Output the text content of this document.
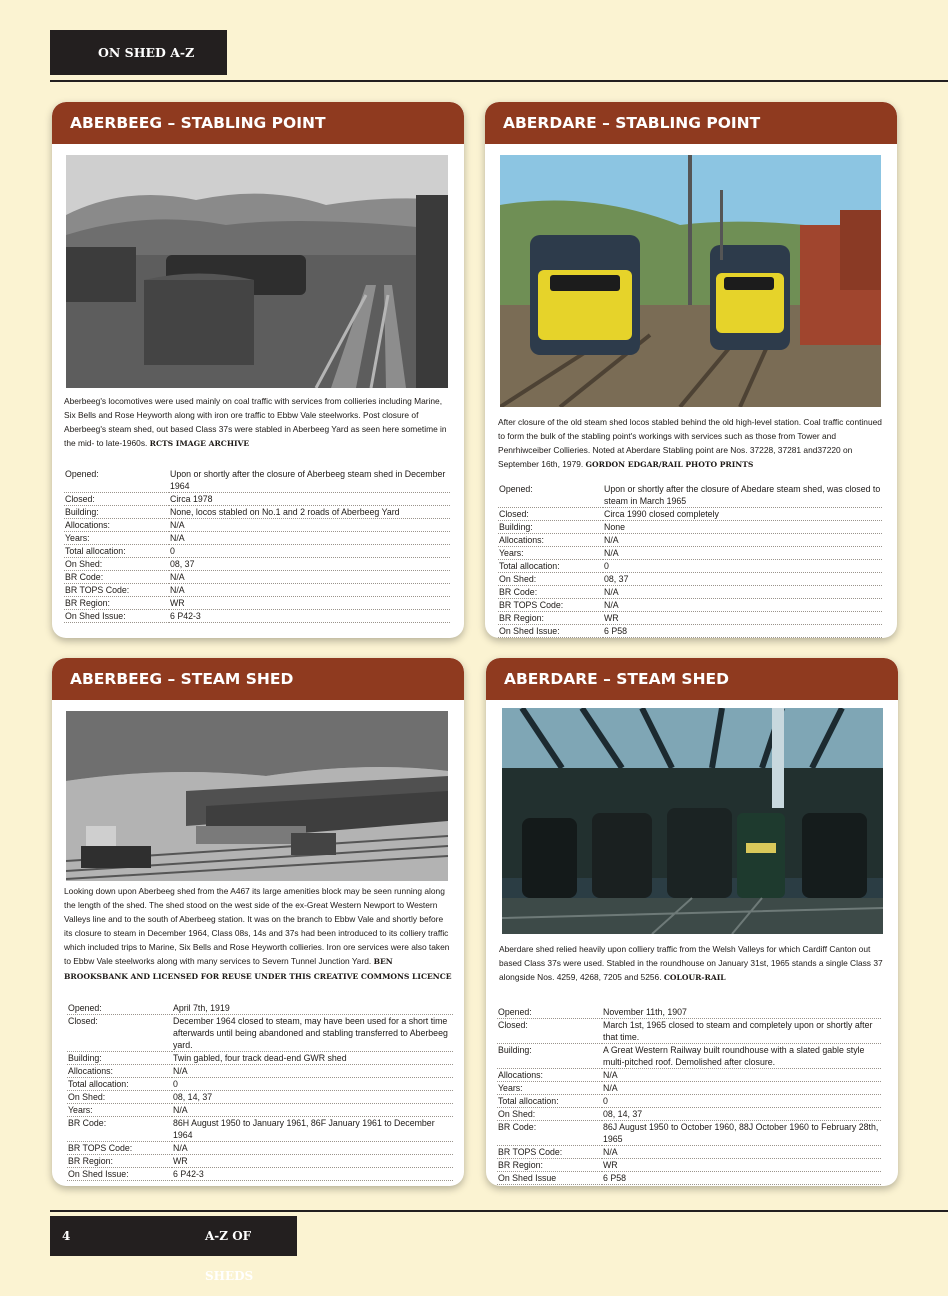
ON SHED A-Z
ABERBEEG – STABLING POINT
Aberbeeg's locomotives were used mainly on coal traffic with services from collieries including Marine, Six Bells and Rose Heyworth along with iron ore traffic to Ebbw Vale steelworks. Post closure of Aberbeeg's steam shed, out based Class 37s were stabled in Aberbeeg Yard as seen here sometime in the mid- to late-1960s. RCTS IMAGE ARCHIVE
Opened:	Upon or shortly after the closure of Aberbeeg steam shed in December 1964
Closed:	Circa 1978
Building:	None, locos stabled on No.1 and 2 roads of Aberbeeg Yard
Allocations:	N/A
Years:	N/A
Total allocation:	0
On Shed:	08, 37
BR Code:	N/A
BR TOPS Code:	N/A
BR Region:	WR
On Shed Issue:	6 P42-3
ABERDARE – STABLING POINT
After closure of the old steam shed locos stabled behind the old high-level station. Coal traffic continued to form the bulk of the stabling point's workings with services such as those from Tower and Penrhiwceiber Collieries. Noted at Aberdare Stabling point are Nos. 37228, 37281 and37220 on September 16th, 1979. GORDON EDGAR/RAIL PHOTO PRINTS
Opened:	Upon or shortly after the closure of Abedare steam shed, was closed to steam in March 1965
Closed:	Circa 1990 closed completely
Building:	None
Allocations:	N/A
Years:	N/A
Total allocation:	0
On Shed:	08, 37
BR Code:	N/A
BR TOPS Code:	N/A
BR Region:	WR
On Shed Issue:	6 P58
ABERBEEG – STEAM SHED
Looking down upon Aberbeeg shed from the A467 its large amenities block may be seen running along the length of the shed. The shed stood on the west side of the ex-Great Western Newport to Western Valleys line and to the south of Aberbeeg station. It was on the branch to Ebbw Vale and shortly before its closure to steam in December 1964, Class 08s, 14s and 37s had been introduced to its colliery traffic which included trips to Marine, Six Bells and Rose Heyworth collieries. Iron ore services were also taken to Ebbw Vale steelworks along with many services to Severn Tunnel Junction Yard. BEN BROOKSBANK AND LICENSED FOR REUSE UNDER THIS CREATIVE COMMONS LICENCE
Opened:	April 7th, 1919
Closed:	December 1964 closed to steam, may have been used for a short time afterwards until being abandoned and stabling transferred to Aberbeeg yard.
Building:	Twin gabled, four track dead-end GWR shed
Allocations:	N/A
Total allocation:	0
On Shed:	08, 14, 37
Years:	N/A
BR Code:	86H August 1950 to January 1961, 86F January 1961 to December 1964
BR TOPS Code:	N/A
BR Region:	WR
On Shed Issue:	6 P42-3
ABERDARE – STEAM SHED
Aberdare shed relied heavily upon colliery traffic from the Welsh Valleys for which Cardiff Canton out based Class 37s were used. Stabled in the roundhouse on January 31st, 1965 stands a single Class 37 alongside Nos. 4259, 4268, 7205 and 5256. COLOUR-RAIL
Opened:	November 11th, 1907
Closed:	March 1st, 1965 closed to steam and completely upon or shortly after that time.
Building:	A Great Western Railway built roundhouse with a slated gable style multi-pitched roof. Demolished after closure.
Allocations:	N/A
Years:	N/A
Total allocation:	0
On Shed:	08, 14, 37
BR Code:	86J August 1950 to October 1960, 88J October 1960 to February 28th, 1965
BR TOPS Code:	N/A
BR Region:	WR
On Shed Issue	6 P58
4	A-Z OF SHEDS
